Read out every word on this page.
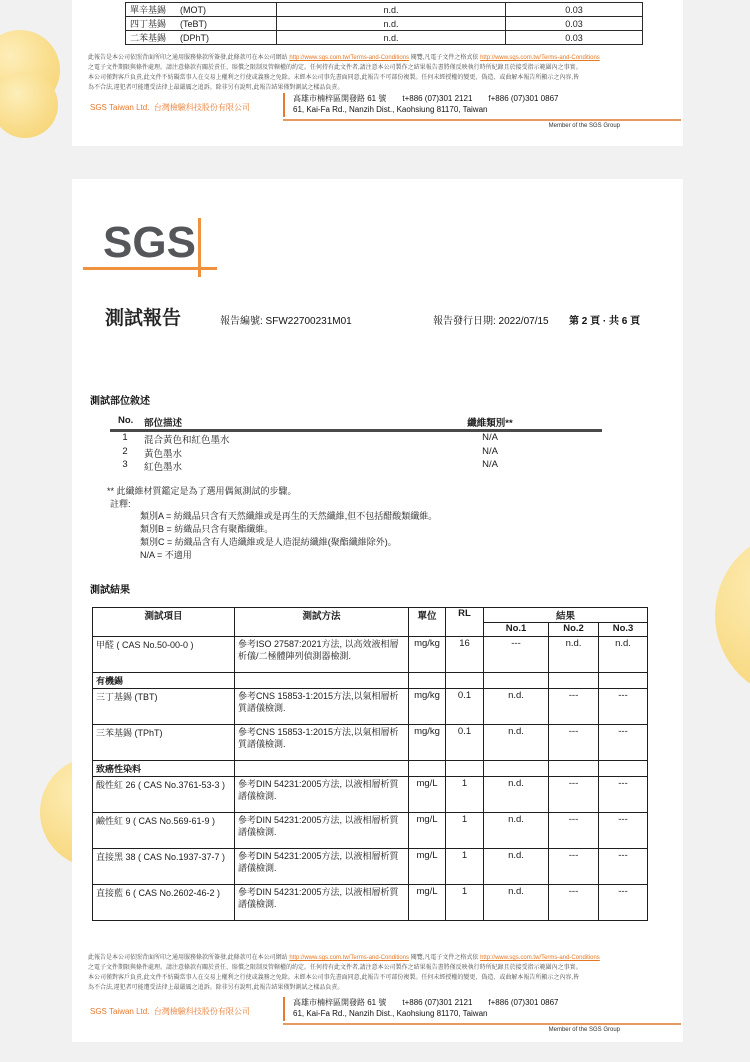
單辛基錫 (MOT)	n.d.	0.03
四丁基錫 (TeBT)	n.d.	0.03
二苯基錫 (DPhT)	n.d.	0.03
此報告是本公司依照背面所印之通用服務條款所簽發,此條款可在本公司網站 http://www.sgs.com.tw/Terms-and-Conditions 閱覽,凡電子文件之格式依 http://www.sgs.com.tw/Terms-and-Conditions
之電子文件期限與條件處理。請注意條款有關於責任、賠償之限制及管轄權的約定。任何持有此文件者,請注意本公司製作之結果報告書將僅反映執行時所紀錄且於接受指示範圍內之事實。
本公司僅對客戶負責,此文件不妨礙當事人在交易上權利之行使或義務之免除。未經本公司事先書面同意,此報告不可部份複製。任何未經授權的變更、偽造、或曲解本報告所顯示之內容,皆
為不合法,違犯者可能遭受法律上最嚴厲之追訴。除非另有說明,此報告結果僅對測試之樣品負責。
SGS Taiwan Ltd. 台灣檢驗科技股份有限公司
高雄市楠梓區開發路 61 號 t+886 (07)301 2121 f+886 (07)301 0867
61, Kai-Fa Rd., Nanzih Dist., Kaohsiung 81170, Taiwan
Member of the SGS Group
SGS
測試報告	報告編號: SFW22700231M01	報告發行日期: 2022/07/15 第 2 頁 · 共 6 頁
測試部位敘述
No. 部位描述	纖維類別**
1	混合黃色和紅色墨水	N/A
2	黃色墨水	N/A
3	紅色墨水	N/A
** 此纖維材質鑑定是為了選用偶氮測試的步驟。
註釋:
類別A = 紡織品只含有天然纖維或是再生的天然纖維,但不包括醋酸類纖維。
類別B = 紡織品只含有聚酯纖維。
類別C = 紡織品含有人造纖維或是人造混紡纖維(聚酯纖維除外)。
N/A = 不適用
測試結果
測試項目	測試方法	單位	RL	結果		
				No.1	No.2	No.3
甲醛 ( CAS No.50-00-0 )	參考ISO 27587:2021方法, 以高效液相層析儀/二極體陣列偵測器檢測.	mg/kg	16	---	n.d.	n.d.
有機錫						
三丁基錫 (TBT)	參考CNS 15853-1:2015方法,以氣相層析質譜儀檢測.	mg/kg	0.1	n.d.	---	---
三苯基錫 (TPhT)	參考CNS 15853-1:2015方法,以氣相層析質譜儀檢測.	mg/kg	0.1	n.d.	---	---
致癌性染料						
酸性紅 26 ( CAS No.3761-53-3 )	參考DIN 54231:2005方法, 以液相層析質譜儀檢測.	mg/L	1	n.d.	---	---
鹼性紅 9 ( CAS No.569-61-9 )	參考DIN 54231:2005方法, 以液相層析質譜儀檢測.	mg/L	1	n.d.	---	---
直接黑 38 ( CAS No.1937-37-7 )	參考DIN 54231:2005方法, 以液相層析質譜儀檢測.	mg/L	1	n.d.	---	---
直接藍 6 ( CAS No.2602-46-2 )	參考DIN 54231:2005方法, 以液相層析質譜儀檢測.	mg/L	1	n.d.	---	---
此報告是本公司依照背面所印之通用服務條款所簽發,此條款可在本公司網站 http://www.sgs.com.tw/Terms-and-Conditions 閱覽,凡電子文件之格式依 http://www.sgs.com.tw/Terms-and-Conditions
之電子文件期限與條件處理。請注意條款有關於責任、賠償之限制及管轄權的約定。任何持有此文件者,請注意本公司製作之結果報告書將僅反映執行時所紀錄且於接受指示範圍內之事實。
本公司僅對客戶負責,此文件不妨礙當事人在交易上權利之行使或義務之免除。未經本公司事先書面同意,此報告不可部份複製。任何未經授權的變更、偽造、或曲解本報告所顯示之內容,皆
為不合法,違犯者可能遭受法律上最嚴厲之追訴。除非另有說明,此報告結果僅對測試之樣品負責。
SGS Taiwan Ltd. 台灣檢驗科技股份有限公司
高雄市楠梓區開發路 61 號 t+886 (07)301 2121 f+886 (07)301 0867
61, Kai-Fa Rd., Nanzih Dist., Kaohsiung 81170, Taiwan
Member of the SGS Group
